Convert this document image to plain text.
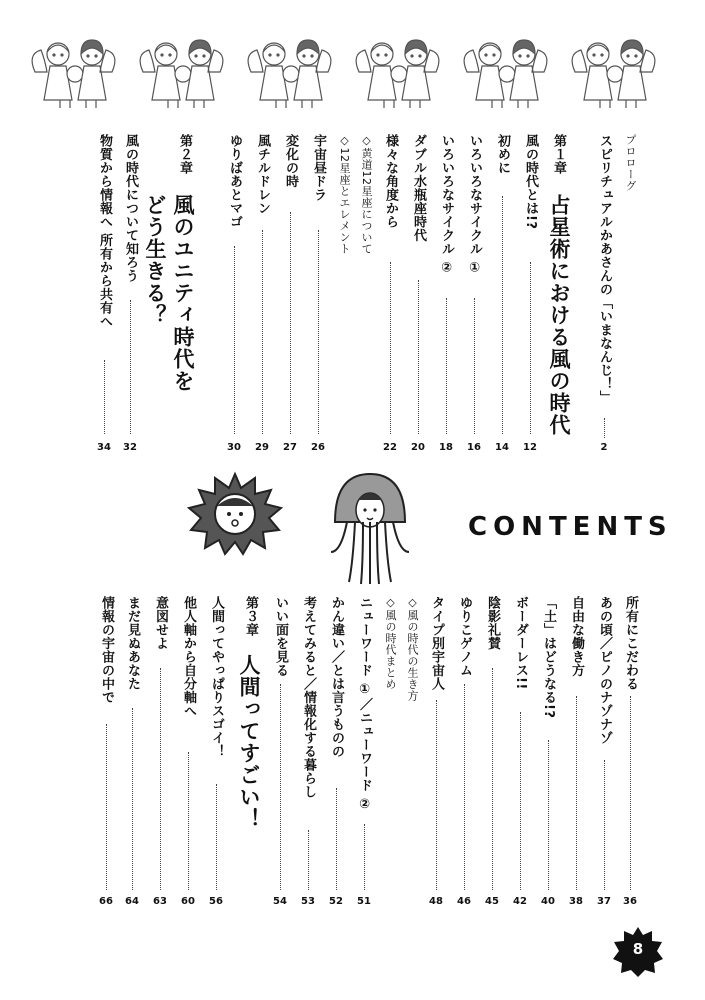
プロローグ
スピリチュアルかあさんの「いまなんじ！」
2
第１章
占星術における風の時代
風の時代とは!?
12
初めに
14
いろいろなサイクル ①
16
いろいろなサイクル ②
18
ダブル水瓶座時代
20
様々な角度から
22
◇黄道12星座について
◇12星座とエレメント
宇宙昼ドラ
26
変化の時
27
風チルドレン
29
ゆりばあとマゴ
30
第２章
風のユニティ時代を
どう生きる？
風の時代について知ろう
32
物質から情報へ 所有から共有へ
34
CONTENTS
所有にこだわる
36
あの頃／ピノのナゾナゾ
37
自由な働き方
38
「土」はどうなる!?
40
ボーダーレス!!
42
陰影礼賛
45
ゆりこゲノム
46
タイプ別宇宙人
48
◇風の時代の生き方
◇風の時代まとめ
ニューワード ①／ニューワード ②
51
かん違い／とは言うものの
52
考えてみると／情報化する暮らし
53
いい面を見る
54
第３章
人間ってすごい！
人間ってやっぱりスゴイ！
56
他人軸から自分軸へ
60
意図せよ
63
まだ見ぬあなた
64
情報の宇宙の中で
66
8
